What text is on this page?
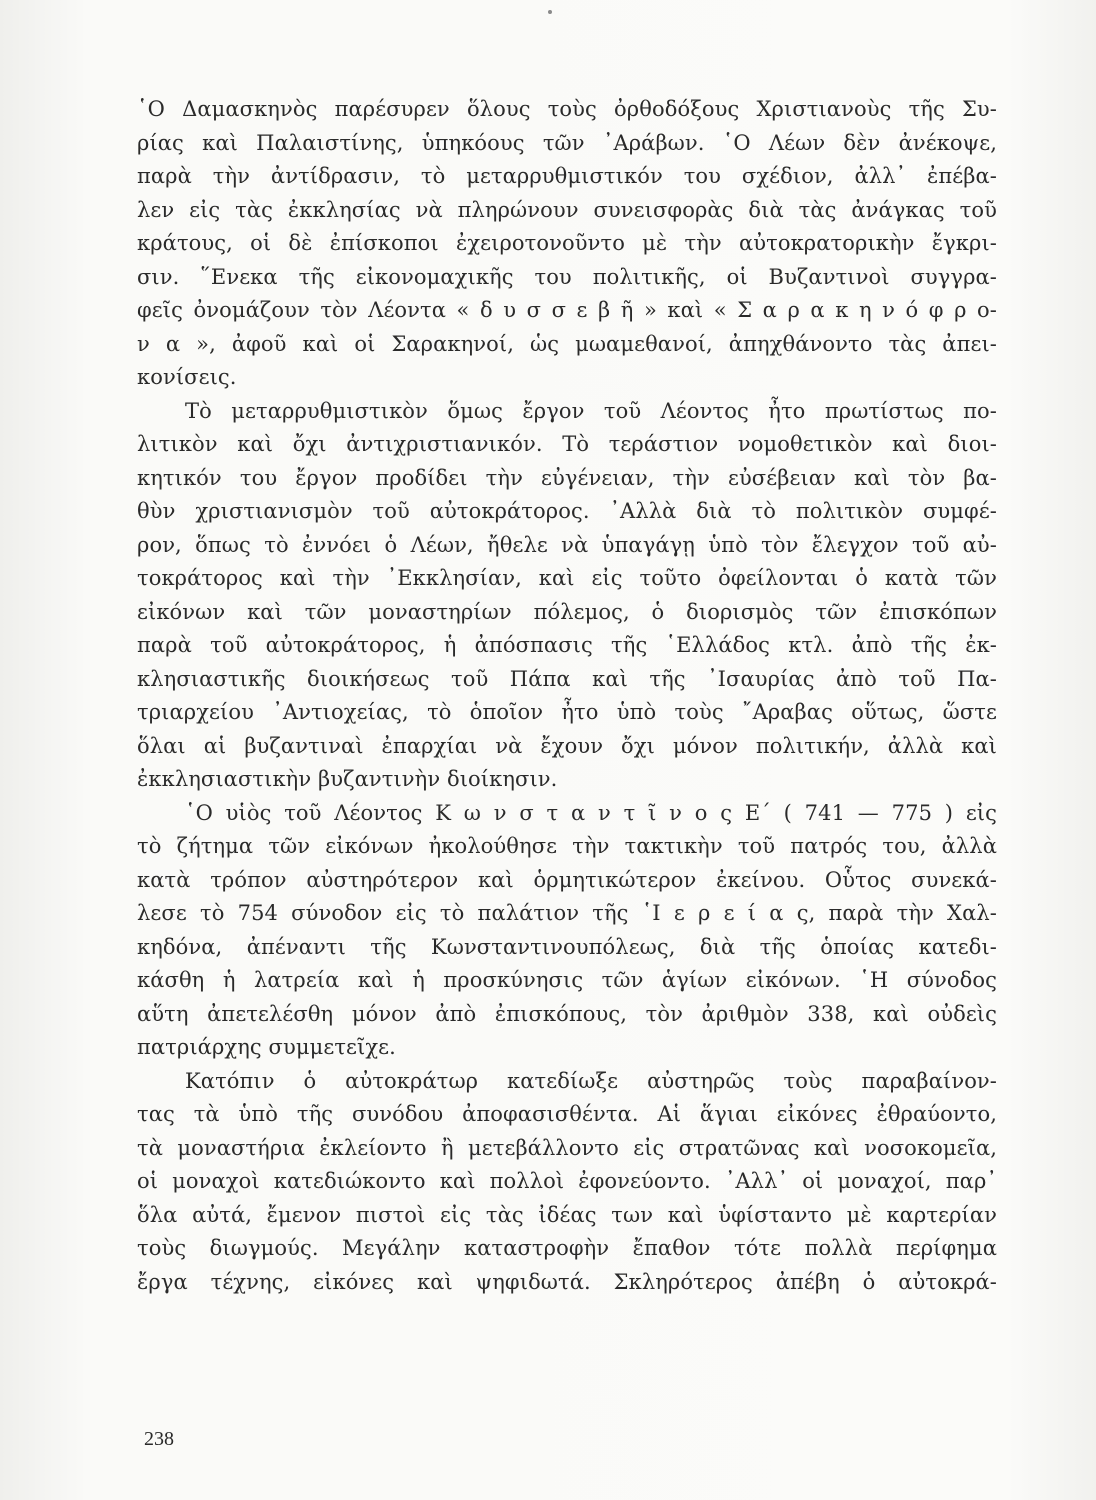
῾Ο Δαμασκηνὸς παρέσυρεν ὅλους τοὺς ὀρθοδόξους Χριστιανοὺς τῆς Συ-
ρίας καὶ Παλαιστίνης, ὑπηκόους τῶν ᾿Αράβων. ῾Ο Λέων δὲν ἀνέκοψε,
παρὰ τὴν ἀντίδρασιν, τὸ μεταρρυθμιστικόν του σχέδιον, ἀλλ᾿ ἐπέβα-
λεν εἰς τὰς ἐκκλησίας νὰ πληρώνουν συνεισφορὰς διὰ τὰς ἀνάγκας τοῦ
κράτους, οἱ δὲ ἐπίσκοποι ἐχειροτονοῦντο μὲ τὴν αὐτοκρατορικὴν ἔγκρι-
σιν. ῞Ενεκα τῆς εἰκονομαχικῆς του πολιτικῆς, οἱ Βυζαντινοὶ συγγρα-
φεῖς ὀνομάζουν τὸν Λέοντα « δ υ σ σ ε β ῆ » καὶ « Σ α ρ α κ η ν ό φ ρ ο-
ν α », ἀφοῦ καὶ οἱ Σαρακηνοί, ὡς μωαμεθανοί, ἀπηχθάνοντο τὰς ἀπει-
κονίσεις.
Τὸ μεταρρυθμιστικὸν ὅμως ἔργον τοῦ Λέοντος ἦτο πρωτίστως πο-
λιτικὸν καὶ ὄχι ἀντιχριστιανικόν. Τὸ τεράστιον νομοθετικὸν καὶ διοι-
κητικόν του ἔργον προδίδει τὴν εὐγένειαν, τὴν εὐσέβειαν καὶ τὸν βα-
θὺν χριστιανισμὸν τοῦ αὐτοκράτορος. ᾿Αλλὰ διὰ τὸ πολιτικὸν συμφέ-
ρον, ὅπως τὸ ἐννόει ὁ Λέων, ἤθελε νὰ ὑπαγάγῃ ὑπὸ τὸν ἔλεγχον τοῦ αὐ-
τοκράτορος καὶ τὴν ᾿Εκκλησίαν, καὶ εἰς τοῦτο ὀφείλονται ὁ κατὰ τῶν
εἰκόνων καὶ τῶν μοναστηρίων πόλεμος, ὁ διορισμὸς τῶν ἐπισκόπων
παρὰ τοῦ αὐτοκράτορος, ἡ ἀπόσπασις τῆς ῾Ελλάδος κτλ. ἀπὸ τῆς ἐκ-
κλησιαστικῆς διοικήσεως τοῦ Πάπα καὶ τῆς ᾿Ισαυρίας ἀπὸ τοῦ Πα-
τριαρχείου ᾿Αντιοχείας, τὸ ὁποῖον ἦτο ὑπὸ τοὺς ῎Αραβας οὕτως, ὥστε
ὅλαι αἱ βυζαντιναὶ ἐπαρχίαι νὰ ἔχουν ὄχι μόνον πολιτικήν, ἀλλὰ καὶ
ἐκκλησιαστικὴν βυζαντινὴν διοίκησιν.
῾Ο υἱὸς τοῦ Λέοντος Κ ω ν σ τ α ν τ ῖ ν ο ς Ε΄ ( 741 — 775 ) εἰς
τὸ ζήτημα τῶν εἰκόνων ἠκολούθησε τὴν τακτικὴν τοῦ πατρός του, ἀλλὰ
κατὰ τρόπον αὐστηρότερον καὶ ὁρμητικώτερον ἐκείνου. Οὗτος συνεκά-
λεσε τὸ 754 σύνοδον εἰς τὸ παλάτιον τῆς ῾Ι ε ρ ε ί α ς, παρὰ τὴν Χαλ-
κηδόνα, ἀπέναντι τῆς Κωνσταντινουπόλεως, διὰ τῆς ὁποίας κατεδι-
κάσθη ἡ λατρεία καὶ ἡ προσκύνησις τῶν ἁγίων εἰκόνων. ῾Η σύνοδος
αὕτη ἀπετελέσθη μόνον ἀπὸ ἐπισκόπους, τὸν ἀριθμὸν 338, καὶ οὐδεὶς
πατριάρχης συμμετεῖχε.
Κατόπιν ὁ αὐτοκράτωρ κατεδίωξε αὐστηρῶς τοὺς παραβαίνον-
τας τὰ ὑπὸ τῆς συνόδου ἀποφασισθέντα. Αἱ ἅγιαι εἰκόνες ἐθραύοντο,
τὰ μοναστήρια ἐκλείοντο ἢ μετεβάλλοντο εἰς στρατῶνας καὶ νοσοκομεῖα,
οἱ μοναχοὶ κατεδιώκοντο καὶ πολλοὶ ἐφονεύοντο. ᾿Αλλ᾿ οἱ μοναχοί, παρ᾿
ὅλα αὐτά, ἔμενον πιστοὶ εἰς τὰς ἰδέας των καὶ ὑφίσταντο μὲ καρτερίαν
τοὺς διωγμούς. Μεγάλην καταστροφὴν ἔπαθον τότε πολλὰ περίφημα
ἔργα τέχνης, εἰκόνες καὶ ψηφιδωτά. Σκληρότερος ἀπέβη ὁ αὐτοκρά-
238
